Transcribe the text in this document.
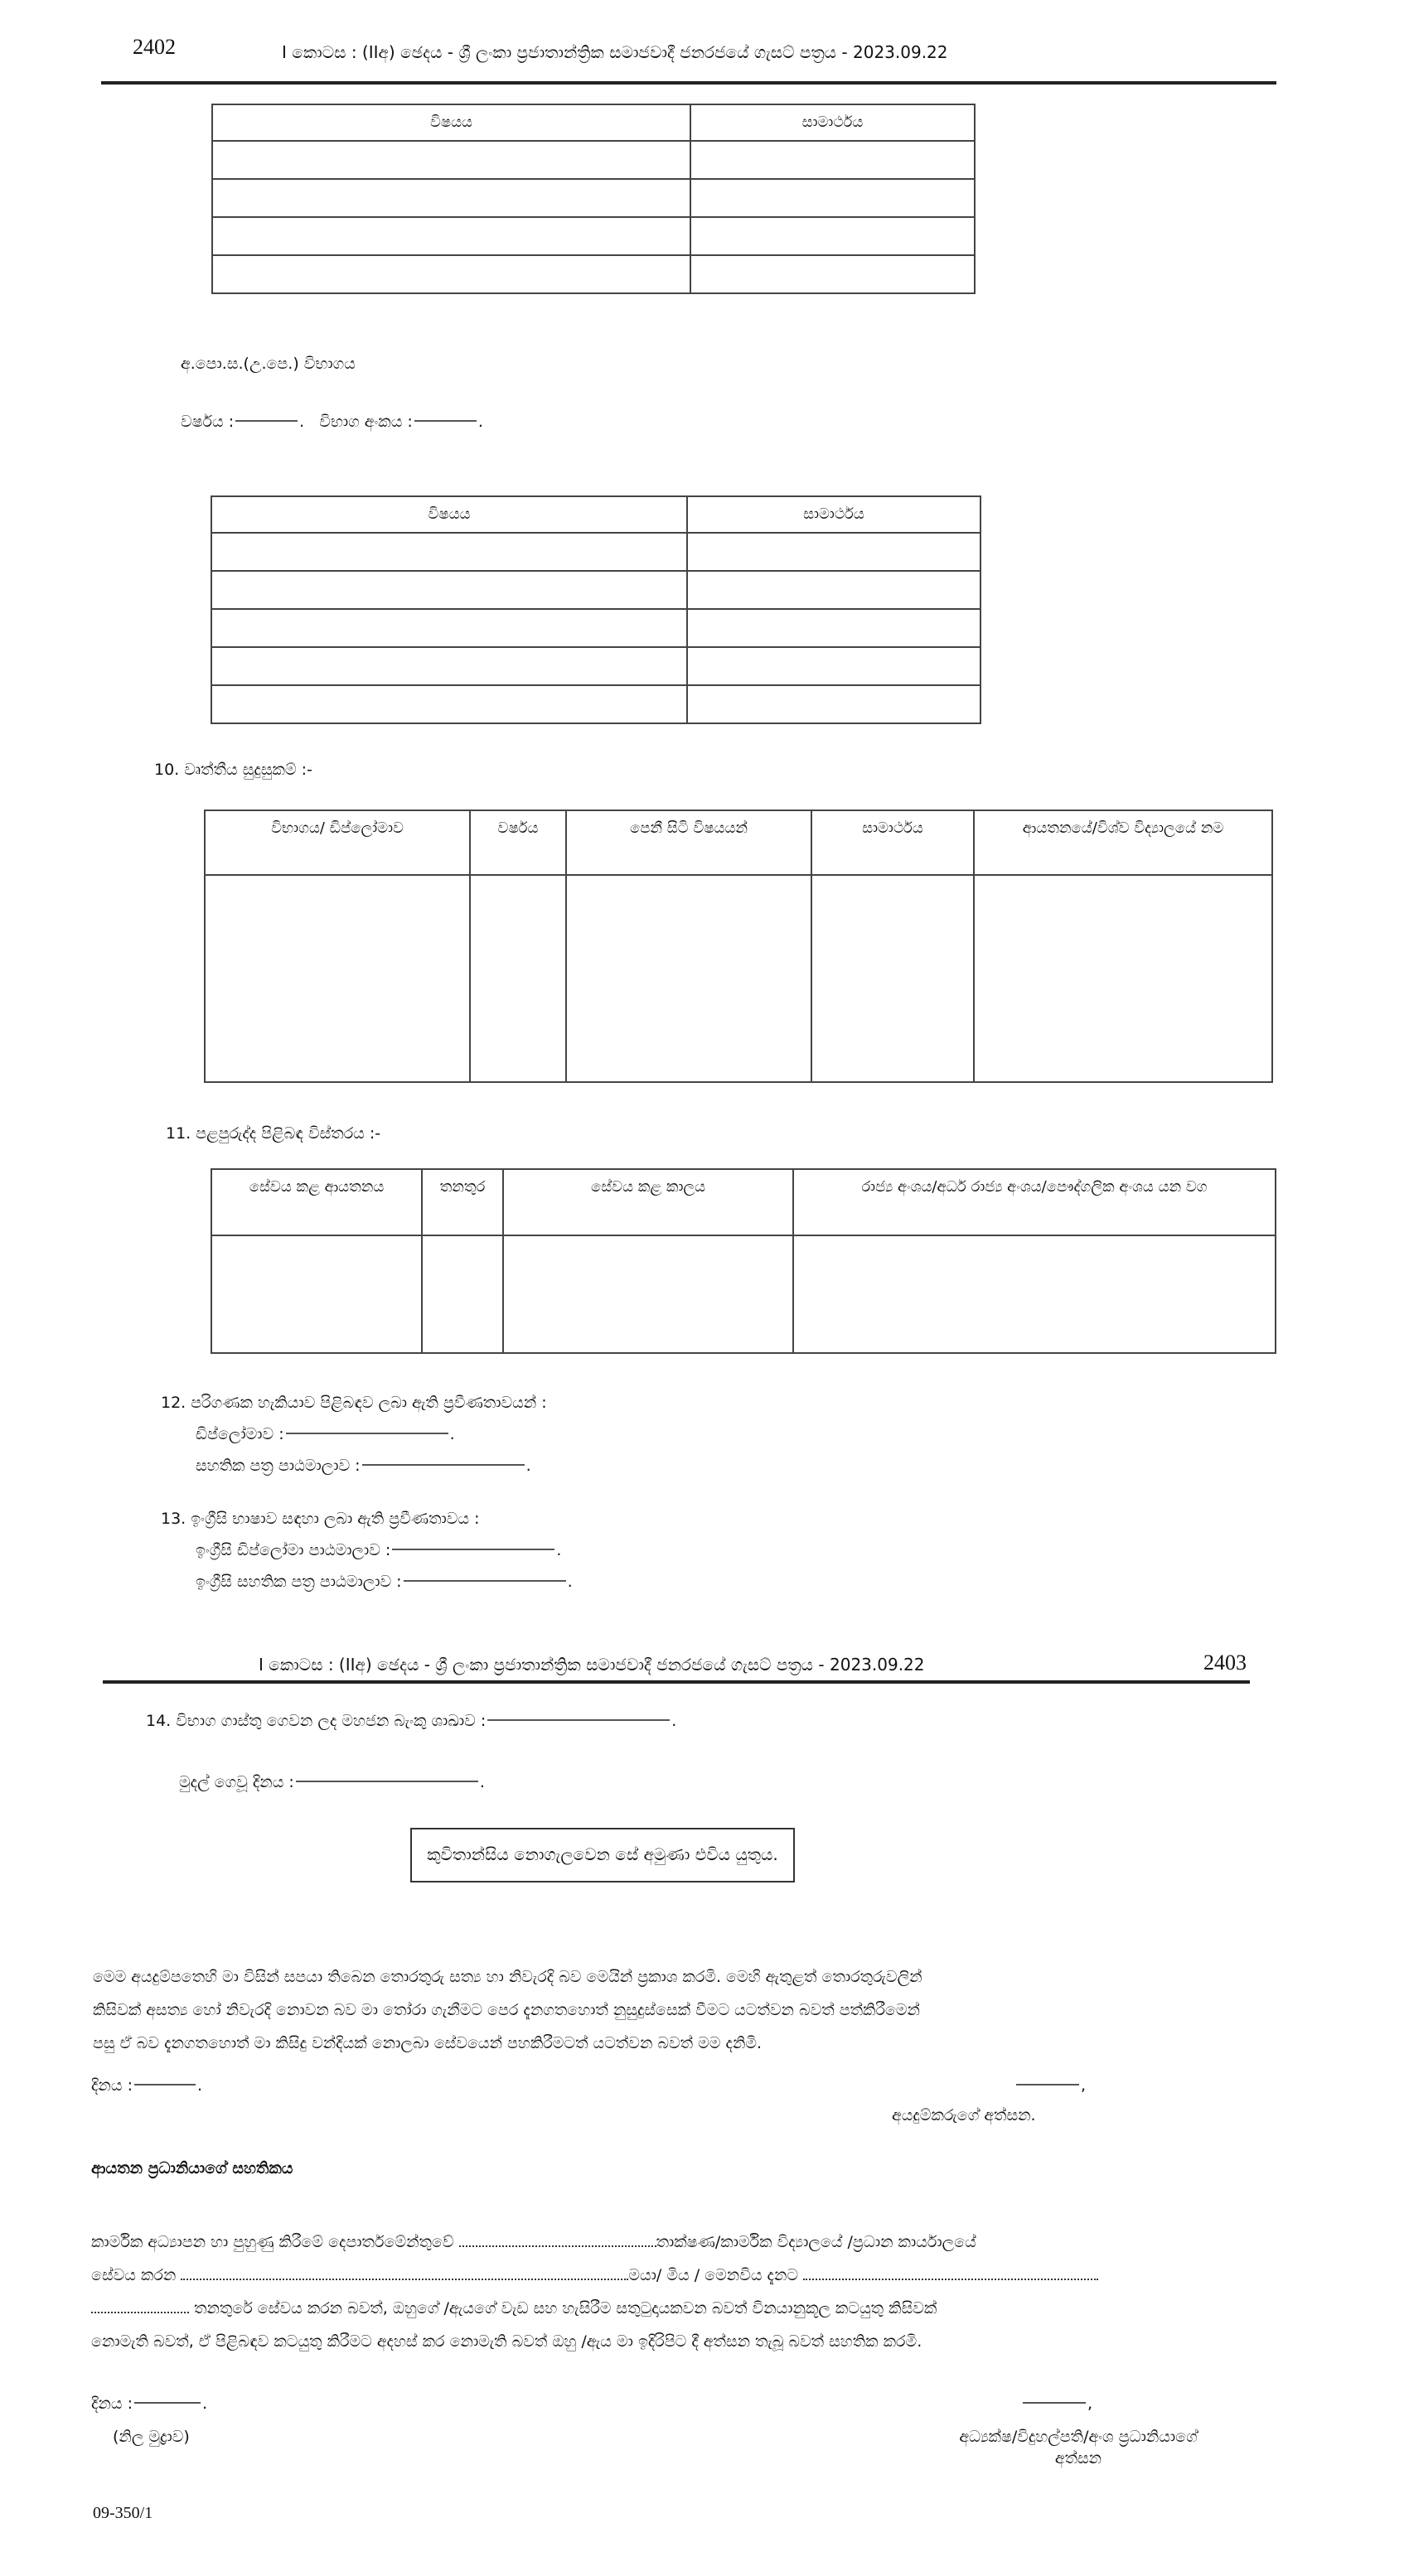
2402	I කොටස : (IIඅ) ඡෙදය - ශ්‍රී ලංකා ප්‍රජාතාන්ත්‍රික සමාජවාදී ජනරජයේ ගැසට් පත්‍රය - 2023.09.22
විෂයය	සාමාර්ථය

අ.පො.ස.(උ.පෙ.) විභාගය
වර්ෂය :	.   විභාග අංකය :	.
විෂයය	සාමාර්ථය

10. වෘත්තීය සුදුසුකම් :-
විභාගය/ ඩිප්ලෝමාව	වර්ෂය	පෙනී සිටි විෂයයන්	සාමාර්ථය	ආයතනයේ/විශ්ව විද්‍යාලයේ නම

11. පළපුරුද්ද පිළිබඳ විස්තරය :-
සේවය කළ ආයතනය	තනතුර	සේවය කළ කාලය	රාජ්‍ය අංශය/අර්ධ රාජ්‍ය අංශය/පෞද්ගලික අංශය යන වග

12. පරිගණක හැකියාව පිළිබඳව ලබා ඇති ප්‍රවීණතාවයන් :
ඩිප්ලෝමාව :	.
සහතික පත්‍ර පාඨමාලාව :	.
13. ඉංග්‍රීසි භාෂාව සඳහා ලබා ඇති ප්‍රවීණතාවය :
ඉංග්‍රීසි ඩිප්ලෝමා පාඨමාලාව :	.
ඉංග්‍රීසි සහතික පත්‍ර පාඨමාලාව :	.
I කොටස : (IIඅ) ඡෙදය - ශ්‍රී ලංකා ප්‍රජාතාන්ත්‍රික සමාජවාදී ජනරජයේ ගැසට් පත්‍රය - 2023.09.22	2403
14. විභාග ගාස්තු ගෙවන ලද මහජන බැංකු ශාඛාව :	.
මුදල් ගෙවූ දිනය :	.
කුවිතාන්සිය නොගැලවෙන සේ අමුණා එවිය යුතුය.
මෙම අයදුම්පතෙහි මා විසින් සපයා තිබෙන තොරතුරු සත්‍ය හා නිවැරදි බව මෙයින් ප්‍රකාශ කරමි. මෙහි ඇතුළත් තොරතුරුවලින්
කිසිවක් අසත්‍ය හෝ නිවැරදි නොවන බව මා තෝරා ගැනීමට පෙර දැනගතහොත් නුසුදුස්සෙක් වීමට යටත්වන බවත් පත්කිරීමෙන්
පසු ඒ බව දැනගතහොත් මා කිසිදු වන්දියක් නොලබා සේවයෙන් පහකිරීමටත් යටත්වන බවත් මම දනිමි.
දිනය :	.	,
අයදුම්කරුගේ අත්සන.
ආයතන ප්‍රධානියාගේ සහතිකය
කාර්මික අධ්‍යාපන හා පුහුණු කිරීමේ දෙපාර්තමේන්තුවේ	තාක්ෂණ/කාර්මික විද්‍යාලයේ /ප්‍රධාන කාර්යාලයේ
සේවය කරන	මයා/ මිය / මෙනවිය දැනට
තනතුරේ සේවය කරන බවත්, ඔහුගේ /ඇයගේ වැඩ සහ හැසිරීම සතුටුදායකවන බවත් විනයානුකූල කටයුතු කිසිවක්
නොමැති බවත්, ඒ පිළිබඳව කටයුතු කිරීමට අදහස් කර නොමැති බවත් ඔහු /ඇය මා ඉදිරිපිට දී අත්සන තැබූ බවත් සහතික කරමි.
දිනය :	.
(නිල මුද්‍රාව)
,
අධ්‍යක්ෂ/විදුහල්පති/අංශ ප්‍රධානියාගේ
අත්සන
09-350/1
